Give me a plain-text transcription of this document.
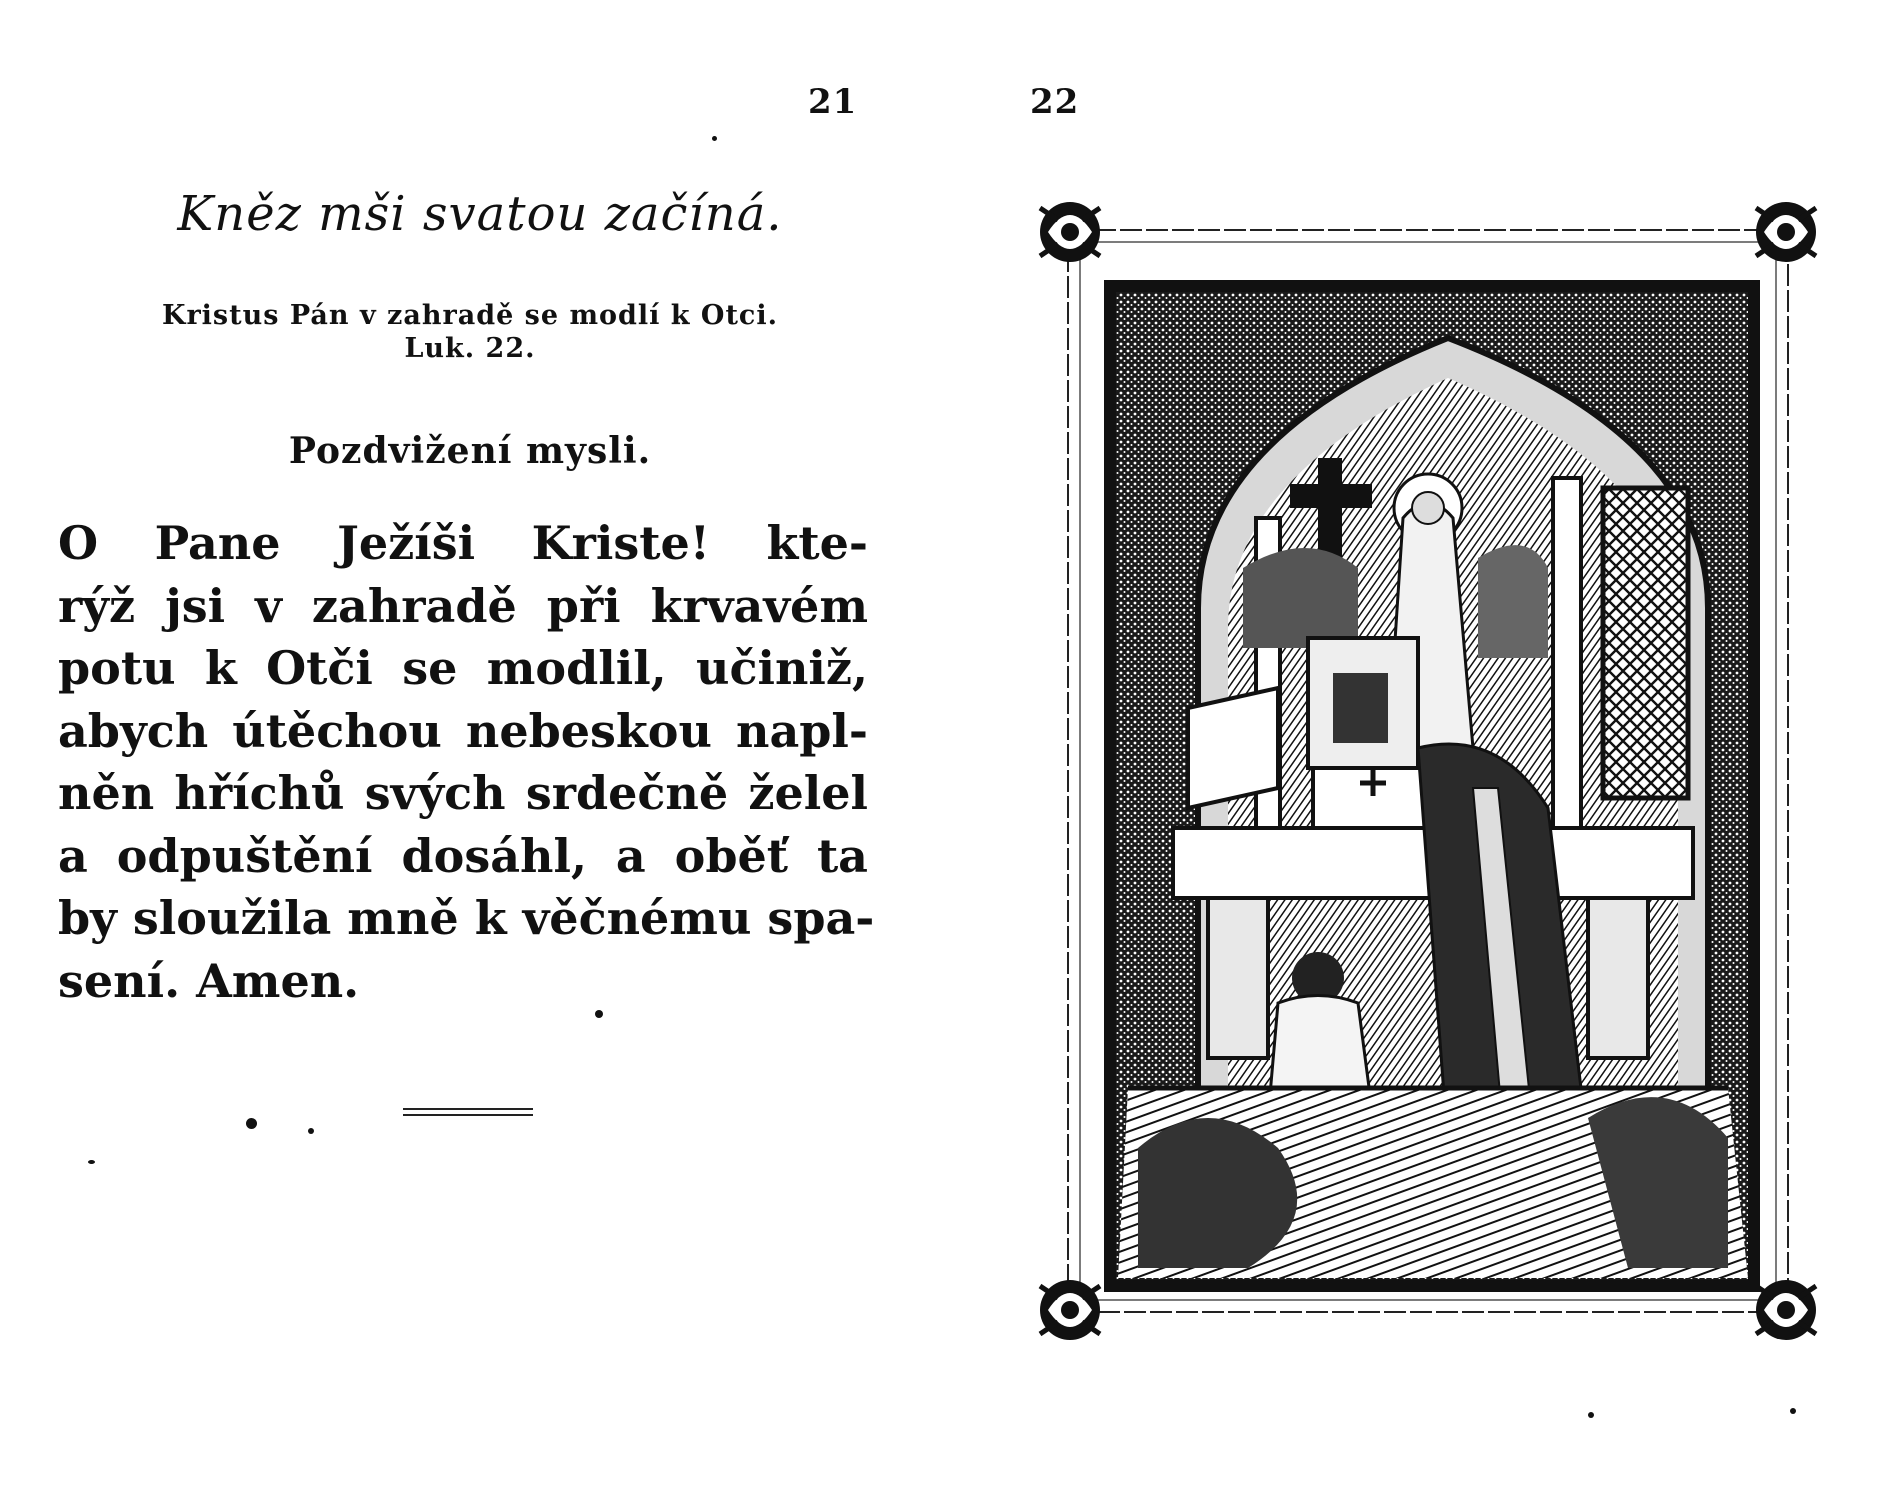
21
Kněz mši svatou začíná.
Kristus Pán v zahradě se modlí k Otci.
Luk. 22.
Pozdvižení mysli.
O Pane Ježíši Kriste! kte-
rýž jsi v zahradě při krvavém
potu k Otči se modlil, učiniž,
abych útěchou nebeskou napl-
něn hříchů svých srdečně želel
a odpuštění dosáhl, a oběť ta
by sloužila mně k věčnému spa-
sení. Amen.
22
